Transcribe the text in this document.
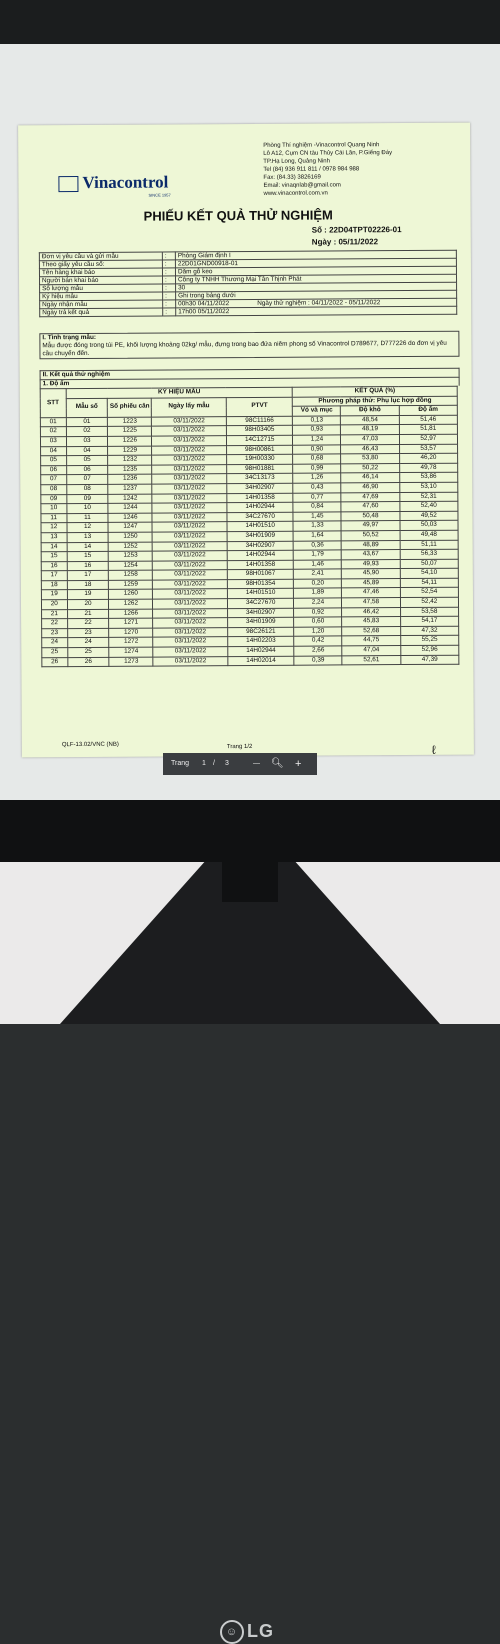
Phòng Thí nghiệm -Vinacontrol Quang Ninh
Lô A12, Cụm CN tàu Thủy Cái Lân, P.Giếng Đáy
TP.Hạ Long, Quảng Ninh
Tel (84) 936 911 811 / 0978 984 988
Fax: (84.33) 3826169
Email: vinaqnlab@gmail.com
www.vinacontrol.com.vn
Vinacontrol
SINCE 1957
PHIẾU KẾT QUẢ THỬ NGHIỆM
Số : 22D04TPT02226-01
Ngày : 05/11/2022
Đơn vị yêu cầu và gửi mẫu	:	Phòng Giám định I
Theo giấy yêu cầu số:	:	22D01GND00918-01
Tên hàng khai báo	:	Dăm gỗ keo
Người bán khai báo	:	Công ty TNHH Thương Mại Tân Thịnh Phát
Số lượng mẫu	:	30
Ký hiệu mẫu	:	Ghi trong bảng dưới
Ngày nhận mẫu	:	00h30 04/11/2022 Ngày thử nghiệm : 04/11/2022 - 05/11/2022
Ngày trả kết quả	:	17h00 05/11/2022
I. Tình trạng mẫu:
Mẫu được đóng trong túi PE, khối lượng khoảng 02kg/ mẫu, đựng trong bao đứa niêm phong số Vinacontrol D789677, D777226 do đơn vị yêu cầu chuyển đến.
II. Kết quả thử nghiệm
1. Độ ẩm
STT	KÝ HIỆU MẪU				KẾT QUẢ (%)		
	Mẫu số	Số phiếu cân	Ngày lấy mẫu	PTVT	Phương pháp thử: Phụ lục hợp đồng		
					Vỏ và mục	Độ khô	Độ ẩm
01	01	1223	03/11/2022	98C11166	0,13	48,54	51,46
02	02	1225	03/11/2022	98H03405	0,93	48,19	51,81
03	03	1226	03/11/2022	14C12715	1,24	47,03	52,97
04	04	1229	03/11/2022	98H00861	0,90	46,43	53,57
05	05	1232	03/11/2022	19H00330	0,68	53,80	46,20
06	06	1235	03/11/2022	98H01881	0,99	50,22	49,78
07	07	1236	03/11/2022	34C13173	1,26	46,14	53,86
08	08	1237	03/11/2022	34H02907	0,43	46,90	53,10
09	09	1242	03/11/2022	14H01358	0,77	47,69	52,31
10	10	1244	03/11/2022	14H02944	0,84	47,60	52,40
11	11	1246	03/11/2022	34C27670	1,45	50,48	49,52
12	12	1247	03/11/2022	14H01510	1,33	49,97	50,03
13	13	1250	03/11/2022	34H01909	1,64	50,52	49,48
14	14	1252	03/11/2022	34H02907	0,36	48,89	51,11
15	15	1253	03/11/2022	14H02944	1,79	43,67	56,33
16	16	1254	03/11/2022	14H01358	1,46	49,93	50,07
17	17	1258	03/11/2022	98H01067	2,41	45,90	54,10
18	18	1259	03/11/2022	98H01354	0,20	45,89	54,11
19	19	1260	03/11/2022	14H01510	1,89	47,46	52,54
20	20	1262	03/11/2022	34C27670	2,24	47,58	52,42
21	21	1266	03/11/2022	34H02907	0,92	46,42	53,58
22	22	1271	03/11/2022	34H01909	0,60	45,83	54,17
23	23	1270	03/11/2022	98C26121	1,20	52,68	47,32
24	24	1272	03/11/2022	14H02203	0,42	44,75	55,25
25	25	1274	03/11/2022	14H02944	2,66	47,04	52,96
26	26	1273	03/11/2022	14H02014	0,39	52,61	47,39
QLF-13.02/VNC (NB)	Trang 1/2	ℓ
Trang	1	/ 3	— 🔍︎ +
☺ LG
